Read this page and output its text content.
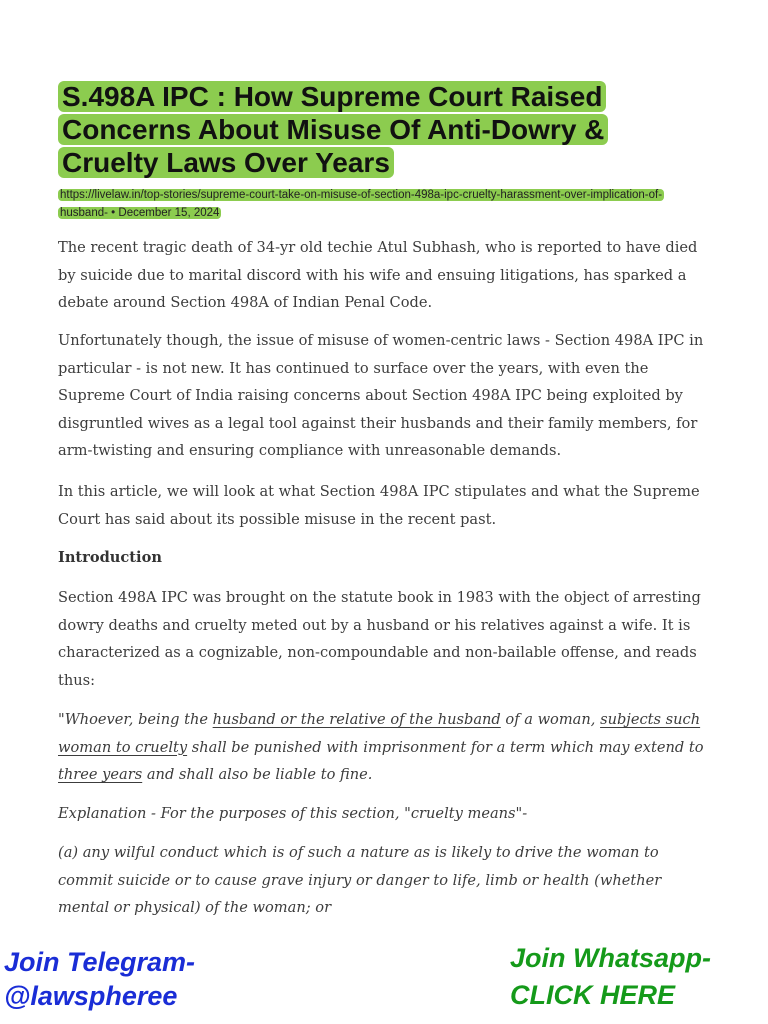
S.498A IPC : How Supreme Court Raised Concerns About Misuse Of Anti-Dowry & Cruelty Laws Over Years
https://livelaw.in/top-stories/supreme-court-take-on-misuse-of-section-498a-ipc-cruelty-harassment-over-implication-of-husband- • December 15, 2024
The recent tragic death of 34-yr old techie Atul Subhash, who is reported to have died by suicide due to marital discord with his wife and ensuing litigations, has sparked a debate around Section 498A of Indian Penal Code.
Unfortunately though, the issue of misuse of women-centric laws - Section 498A IPC in particular - is not new. It has continued to surface over the years, with even the Supreme Court of India raising concerns about Section 498A IPC being exploited by disgruntled wives as a legal tool against their husbands and their family members, for arm-twisting and ensuring compliance with unreasonable demands.
In this article, we will look at what Section 498A IPC stipulates and what the Supreme Court has said about its possible misuse in the recent past.
Introduction
Section 498A IPC was brought on the statute book in 1983 with the object of arresting dowry deaths and cruelty meted out by a husband or his relatives against a wife. It is characterized as a cognizable, non-compoundable and non-bailable offense, and reads thus:
"Whoever, being the husband or the relative of the husband of a woman, subjects such woman to cruelty shall be punished with imprisonment for a term which may extend to three years and shall also be liable to fine.
Explanation - For the purposes of this section, "cruelty means"-
(a) any wilful conduct which is of such a nature as is likely to drive the woman to commit suicide or to cause grave injury or danger to life, limb or health (whether mental or physical) of the woman; or
Join Telegram-
@lawspheree
Join Whatsapp-
CLICK HERE
